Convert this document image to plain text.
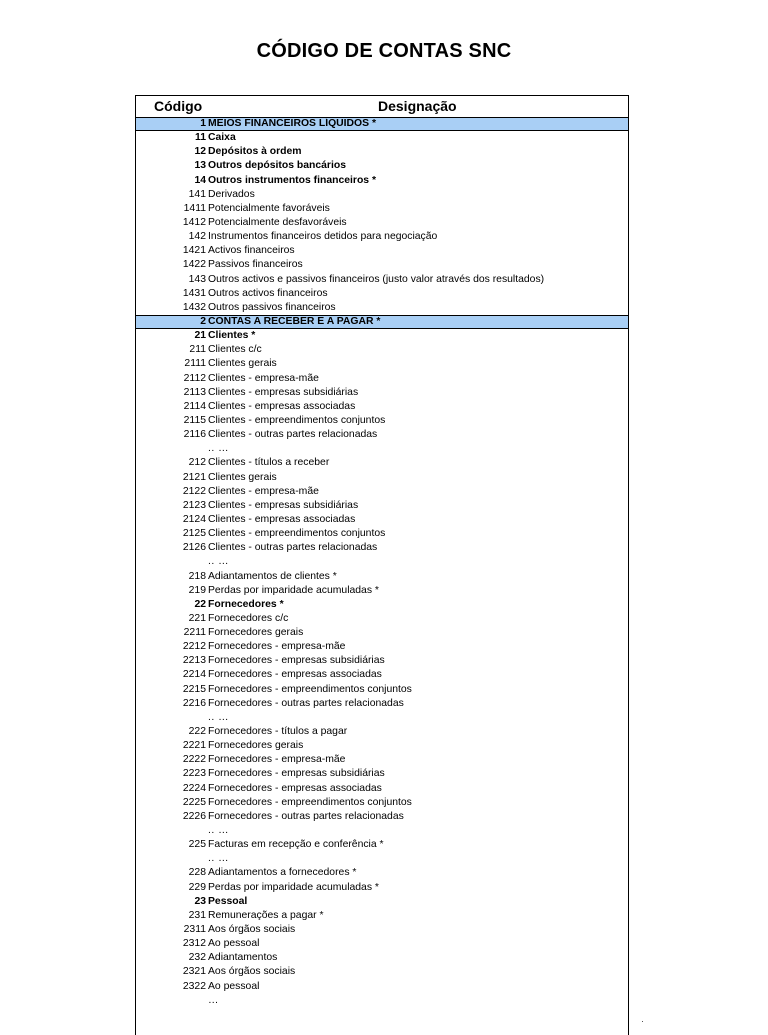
CÓDIGO DE CONTAS SNC
Código	Designação
1 MEIOS FINANCEIROS LÍQUIDOS *
11 Caixa
12 Depósitos à ordem
13 Outros depósitos bancários
14 Outros instrumentos financeiros *
141 Derivados
1411 Potencialmente favoráveis
1412 Potencialmente desfavoráveis
142 Instrumentos financeiros detidos para negociação
1421 Activos financeiros
1422 Passivos financeiros
143 Outros activos e passivos financeiros (justo valor através dos resultados)
1431 Outros activos financeiros
1432 Outros passivos financeiros
2 CONTAS A RECEBER E A PAGAR *
21 Clientes *
211 Clientes c/c
2111 Clientes gerais
2112 Clientes - empresa-mãe
2113 Clientes - empresas subsidiárias
2114 Clientes - empresas associadas
2115 Clientes - empreendimentos conjuntos
2116 Clientes - outras partes relacionadas
.. …
212 Clientes - títulos a receber
2121 Clientes gerais
2122 Clientes - empresa-mãe
2123 Clientes - empresas subsidiárias
2124 Clientes - empresas associadas
2125 Clientes - empreendimentos conjuntos
2126 Clientes - outras partes relacionadas
.. …
218 Adiantamentos de clientes *
219 Perdas por imparidade acumuladas *
22 Fornecedores *
221 Fornecedores c/c
2211 Fornecedores gerais
2212 Fornecedores - empresa-mãe
2213 Fornecedores - empresas subsidiárias
2214 Fornecedores - empresas associadas
2215 Fornecedores - empreendimentos conjuntos
2216 Fornecedores - outras partes relacionadas
.. …
222 Fornecedores - títulos a pagar
2221 Fornecedores gerais
2222 Fornecedores - empresa-mãe
2223 Fornecedores - empresas subsidiárias
2224 Fornecedores - empresas associadas
2225 Fornecedores - empreendimentos conjuntos
2226 Fornecedores - outras partes relacionadas
.. …
225 Facturas em recepção e conferência *
.. …
228 Adiantamentos a fornecedores *
229 Perdas por imparidade acumuladas *
23 Pessoal
231 Remunerações a pagar *
2311 Aos órgãos sociais
2312 Ao pessoal
232 Adiantamentos
2321 Aos órgãos sociais
2322 Ao pessoal
…
·
